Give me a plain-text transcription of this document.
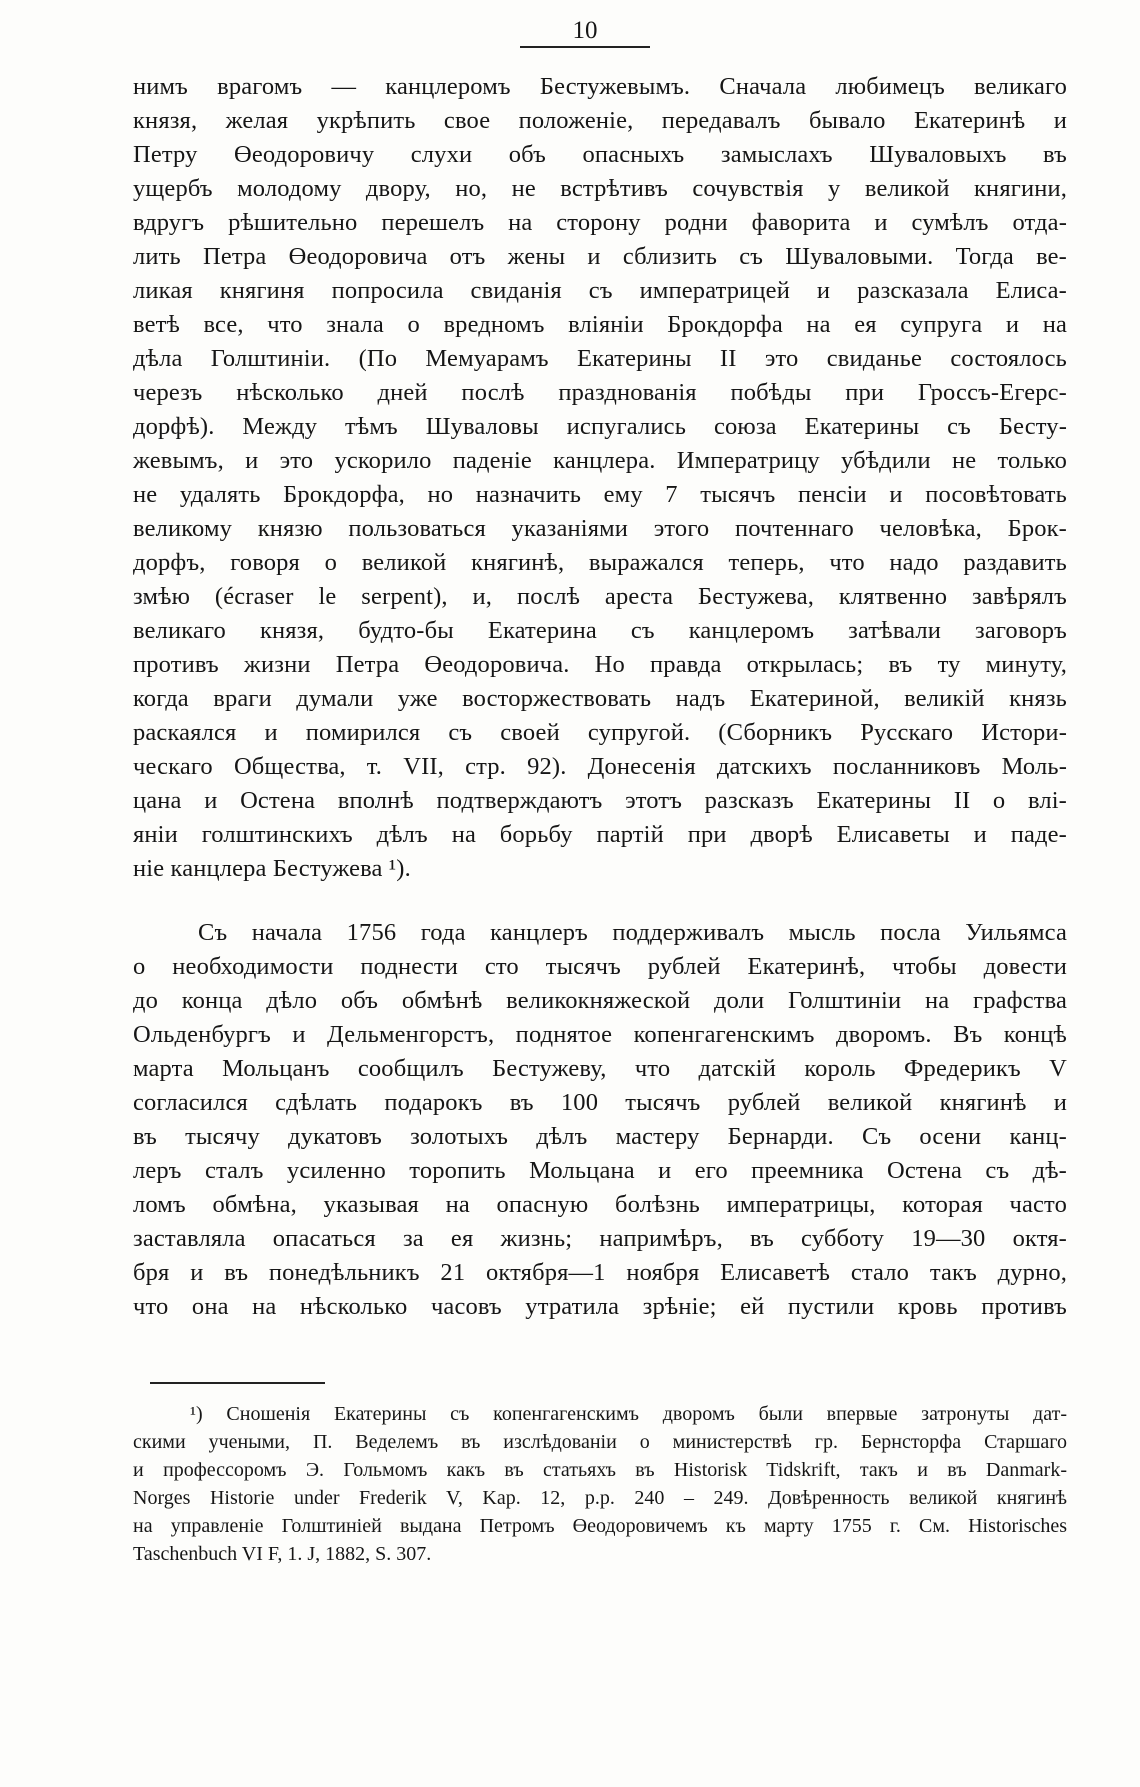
10
нимъ врагомъ — канцлеромъ Бестужевымъ. Сначала любимецъ великаго
князя, желая укрѣпить свое положеніе, передавалъ бывало Екатеринѣ и
Петру Өеодоровичу слухи объ опасныхъ замыслахъ Шуваловыхъ въ
ущербъ молодому двору, но, не встрѣтивъ сочувствія у великой княгини,
вдругъ рѣшительно перешелъ на сторону родни фаворита и сумѣлъ отда-
лить Петра Өеодоровича отъ жены и сблизить съ Шуваловыми. Тогда ве-
ликая княгиня попросила свиданія съ императрицей и разсказала Елиса-
ветѣ все, что знала о вредномъ вліяніи Брокдорфа на ея супруга и на
дѣла Голштиніи. (По Мемуарамъ Екатерины II это свиданье состоялось
черезъ нѣсколько дней послѣ празднованія побѣды при Гроссъ-Егерс-
дорфѣ). Между тѣмъ Шуваловы испугались союза Екатерины съ Бесту-
жевымъ, и это ускорило паденіе канцлера. Императрицу убѣдили не только
не удалять Брокдорфа, но назначить ему 7 тысячъ пенсіи и посовѣтовать
великому князю пользоваться указаніями этого почтеннаго человѣка, Брок-
дорфъ, говоря о великой княгинѣ, выражался теперь, что надо раздавить
змѣю (écraser le serpent), и, послѣ ареста Бестужева, клятвенно завѣрялъ
великаго князя, будто-бы Екатерина съ канцлеромъ затѣвали заговоръ
противъ жизни Петра Өеодоровича. Но правда открылась; въ ту минуту,
когда враги думали уже восторжествовать надъ Екатериной, великій князь
раскаялся и помирился съ своей супругой. (Сборникъ Русскаго Истори-
ческаго Общества, т. VII, стр. 92). Донесенія датскихъ посланниковъ Моль-
цана и Остена вполнѣ подтверждаютъ этотъ разсказъ Екатерины II о влі-
яніи голштинскихъ дѣлъ на борьбу партій при дворѣ Елисаветы и паде-
ніе канцлера Бестужева ¹).
Съ начала 1756 года канцлеръ поддерживалъ мысль посла Уильямса
о необходимости поднести сто тысячъ рублей Екатеринѣ, чтобы довести
до конца дѣло объ обмѣнѣ великокняжеской доли Голштиніи на графства
Ольденбургъ и Дельменгорстъ, поднятое копенгагенскимъ дворомъ. Въ концѣ
марта Мольцанъ сообщилъ Бестужеву, что датскій король Фредерикъ V
согласился сдѣлать подарокъ въ 100 тысячъ рублей великой княгинѣ и
въ тысячу дукатовъ золотыхъ дѣлъ мастеру Бернарди. Съ осени канц-
леръ сталъ усиленно торопить Мольцана и его преемника Остена съ дѣ-
ломъ обмѣна, указывая на опасную болѣзнь императрицы, которая часто
заставляла опасаться за ея жизнь; напримѣръ, въ субботу 19—30 октя-
бря и въ понедѣльникъ 21 октября—1 ноября Елисаветѣ стало такъ дурно,
что она на нѣсколько часовъ утратила зрѣніе; ей пустили кровь противъ
¹) Сношенія Екатерины съ копенгагенскимъ дворомъ были впервые затронуты дат-
скими учеными, П. Веделемъ въ изслѣдованіи о министерствѣ гр. Бернсторфа Старшаго
и профессоромъ Э. Гольмомъ какъ въ статьяхъ въ Historisk Tidskrift, такъ и въ Danmark-
Norges Historie under Frederik V, Kap. 12, p.p. 240 – 249. Довѣренность великой княгинѣ
на управленіе Голштиніей выдана Петромъ Өеодоровичемъ къ марту 1755 г. См. Historisches
Taschenbuch VI F, 1. J, 1882, S. 307.
